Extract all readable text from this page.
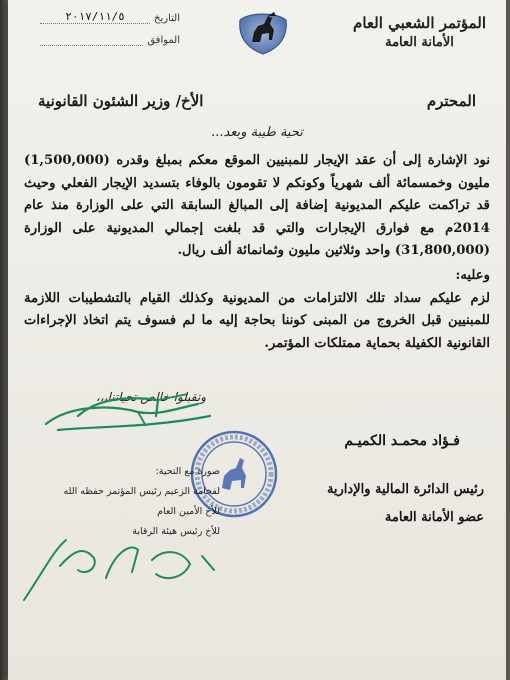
المؤتمر الشعبي العام
الأمانة العامة
التاريخ
٢٠١٧/١١/٥
الموافق

الأخ/ وزير الشئون القانونية	المحترم
تحية طيبة وبعد...

نود الإشارة إلى أن عقد الإيجار للمبنيين الموقع معكم بمبلغ وقدره (1,500,000) مليون وخمسمائة ألف شهرياً وكونكم لا تقومون بالوفاء بتسديد الإيجار الفعلي وحيث قد تراكمت عليكم المديونية إضافة إلى المبالغ السابقة التي على الوزارة منذ عام 2014م مع فوارق الإيجارات والتي قد بلغت إجمالي المديونية على الوزارة (31,800,000) واحد وثلاثين مليون وثمانمائة ألف ريال.

وعليه:

لزم عليكم سداد تلك الالتزامات من المديونية وكذلك القيام بالتشطيبات اللازمة للمبنيين قبل الخروج من المبنى كوننا بحاجة إليه ما لم فسوف يتم اتخاذ الإجراءات القانونية الكفيلة بحماية ممتلكات المؤتمر.

وتقبلوا خالص تحياتنا،،،
فـؤاد محمـد الكميـم
رئيس الدائرة المالية والإدارية
عضو الأمانة العامة
صورة مع التحية:
لفخامة الزعيم رئيس المؤتمر حفظه الله
للأخ الأمين العام
للأخ رئيس هيئة الرقابة
